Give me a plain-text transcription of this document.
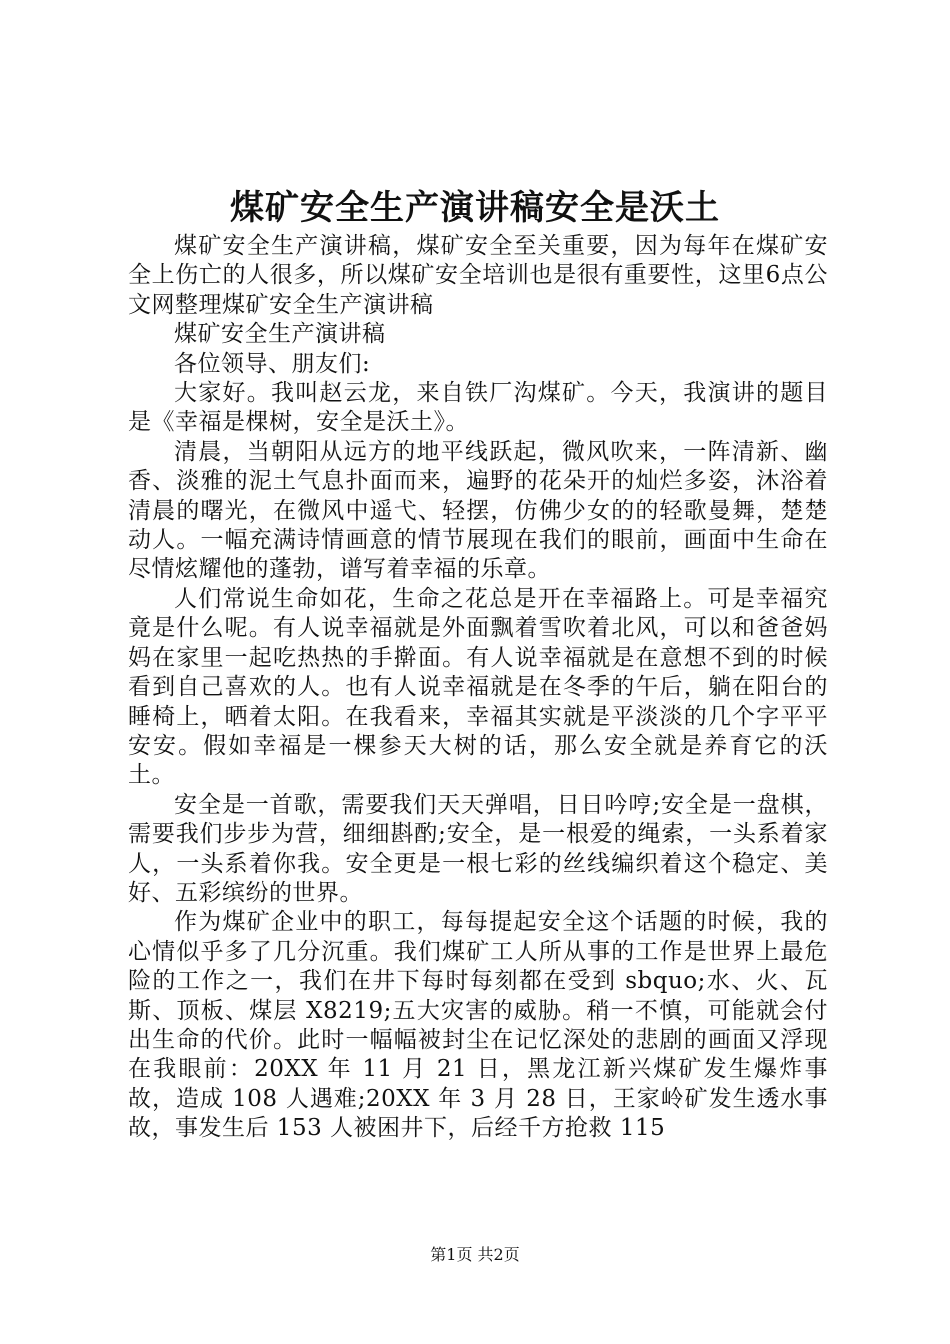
煤矿安全生产演讲稿安全是沃土

煤矿安全生产演讲稿，煤矿安全至关重要，因为每年在煤矿安全上伤亡的人很多，所以煤矿安全培训也是很有重要性，这里6点公文网整理煤矿安全生产演讲稿

煤矿安全生产演讲稿

各位领导、朋友们:

大家好。我叫赵云龙，来自铁厂沟煤矿。今天，我演讲的题目是《幸福是棵树，安全是沃土》。

清晨，当朝阳从远方的地平线跃起，微风吹来，一阵清新、幽香、淡雅的泥土气息扑面而来，遍野的花朵开的灿烂多姿，沐浴着清晨的曙光，在微风中遥弋、轻摆，仿佛少女的的轻歌曼舞，楚楚动人。一幅充满诗情画意的情节展现在我们的眼前，画面中生命在尽情炫耀他的蓬勃，谱写着幸福的乐章。

人们常说生命如花，生命之花总是开在幸福路上。可是幸福究竟是什么呢。有人说幸福就是外面飘着雪吹着北风，可以和爸爸妈妈在家里一起吃热热的手擀面。有人说幸福就是在意想不到的时候看到自己喜欢的人。也有人说幸福就是在冬季的午后，躺在阳台的睡椅上，晒着太阳。在我看来，幸福其实就是平淡淡的几个字平平安安。假如幸福是一棵参天大树的话，那么安全就是养育它的沃土。

安全是一首歌，需要我们天天弹唱，日日吟哼;安全是一盘棋，需要我们步步为营，细细斟酌;安全，是一根爱的绳索，一头系着家人，一头系着你我。安全更是一根七彩的丝线编织着这个稳定、美好、五彩缤纷的世界。

作为煤矿企业中的职工，每每提起安全这个话题的时候，我的心情似乎多了几分沉重。我们煤矿工人所从事的工作是世界上最危险的工作之一，我们在井下每时每刻都在受到 sbquo;水、火、瓦斯、顶板、煤层 X8219;五大灾害的威胁。稍一不慎，可能就会付出生命的代价。此时一幅幅被封尘在记忆深处的悲剧的画面又浮现在我眼前：20XX 年 11 月 21 日，黑龙江新兴煤矿发生爆炸事故，造成 108 人遇难;20XX 年 3 月 28 日，王家岭矿发生透水事故，事发生后 153 人被困井下，后经千方抢救 115

第1页 共2页
